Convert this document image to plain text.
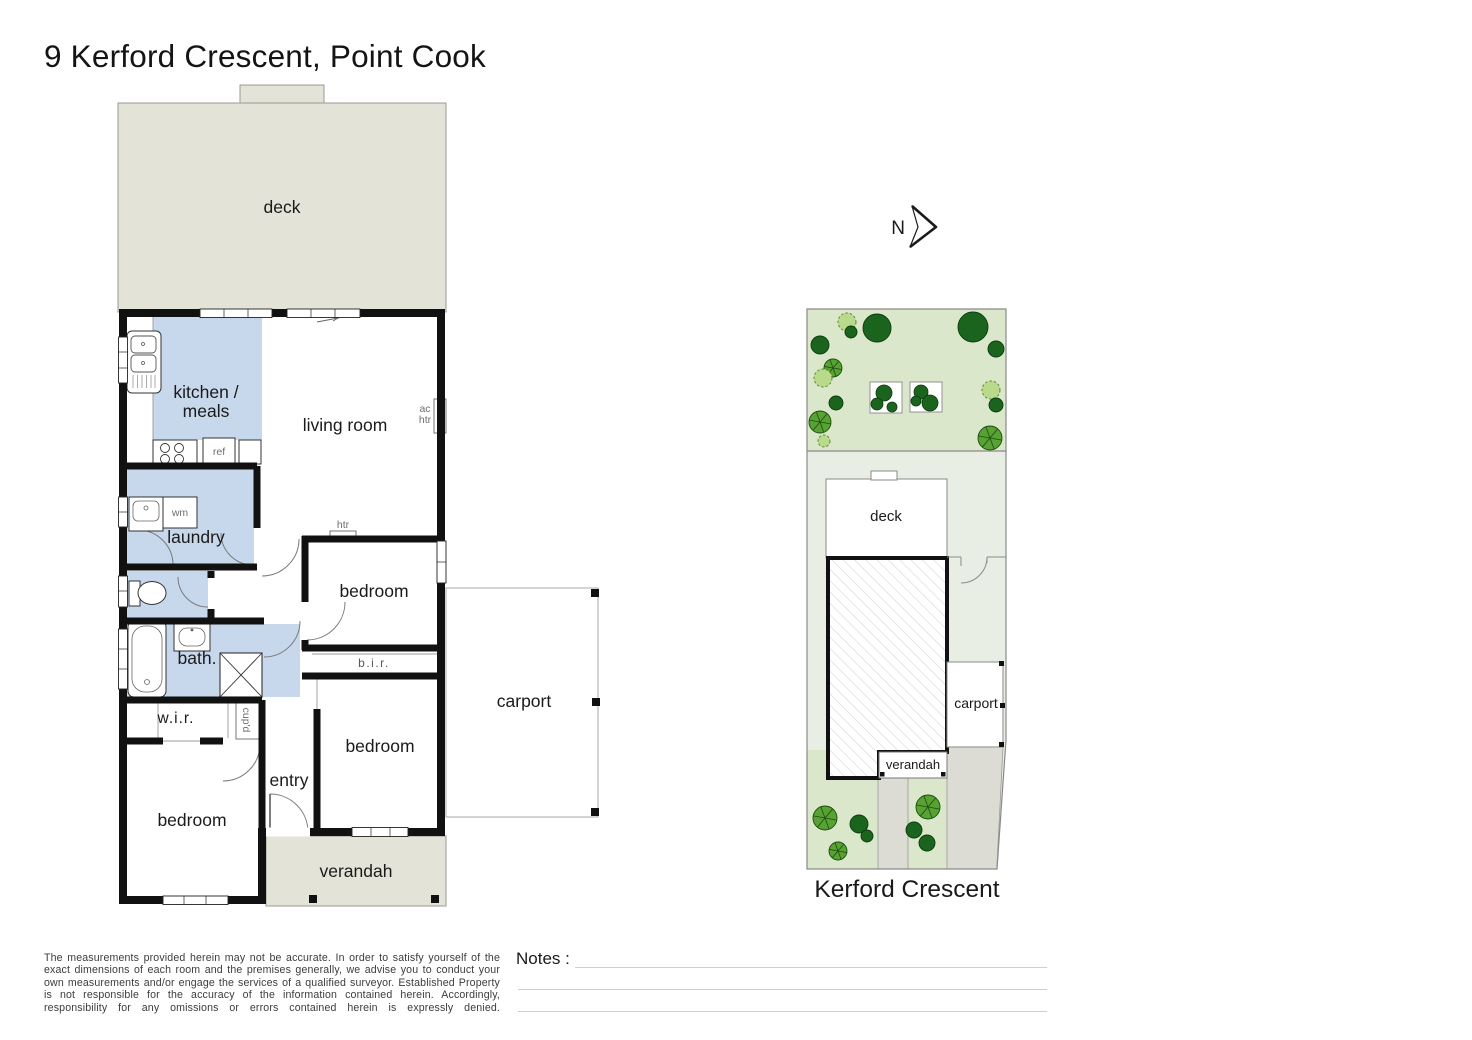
9 Kerford Crescent, Point Cook
deck
kitchen /
meals
living room
ac
htr
ref
wm
laundry
htr
bedroom
b.i.r.
bath.
w.i.r.	cup'd
entry
bedroom
bedroom
verandah
carport
N
deck
verandah
carport
Kerford Crescent
The measurements provided herein may not be accurate. In order to satisfy yourself of the exact dimensions of each room and the premises generally, we advise you to conduct your own measurements and/or engage the services of a qualified surveyor. Established Property is not responsible for the accuracy of the information contained herein. Accordingly, responsibility for any omissions or errors contained herein is expressly denied.
Notes :
